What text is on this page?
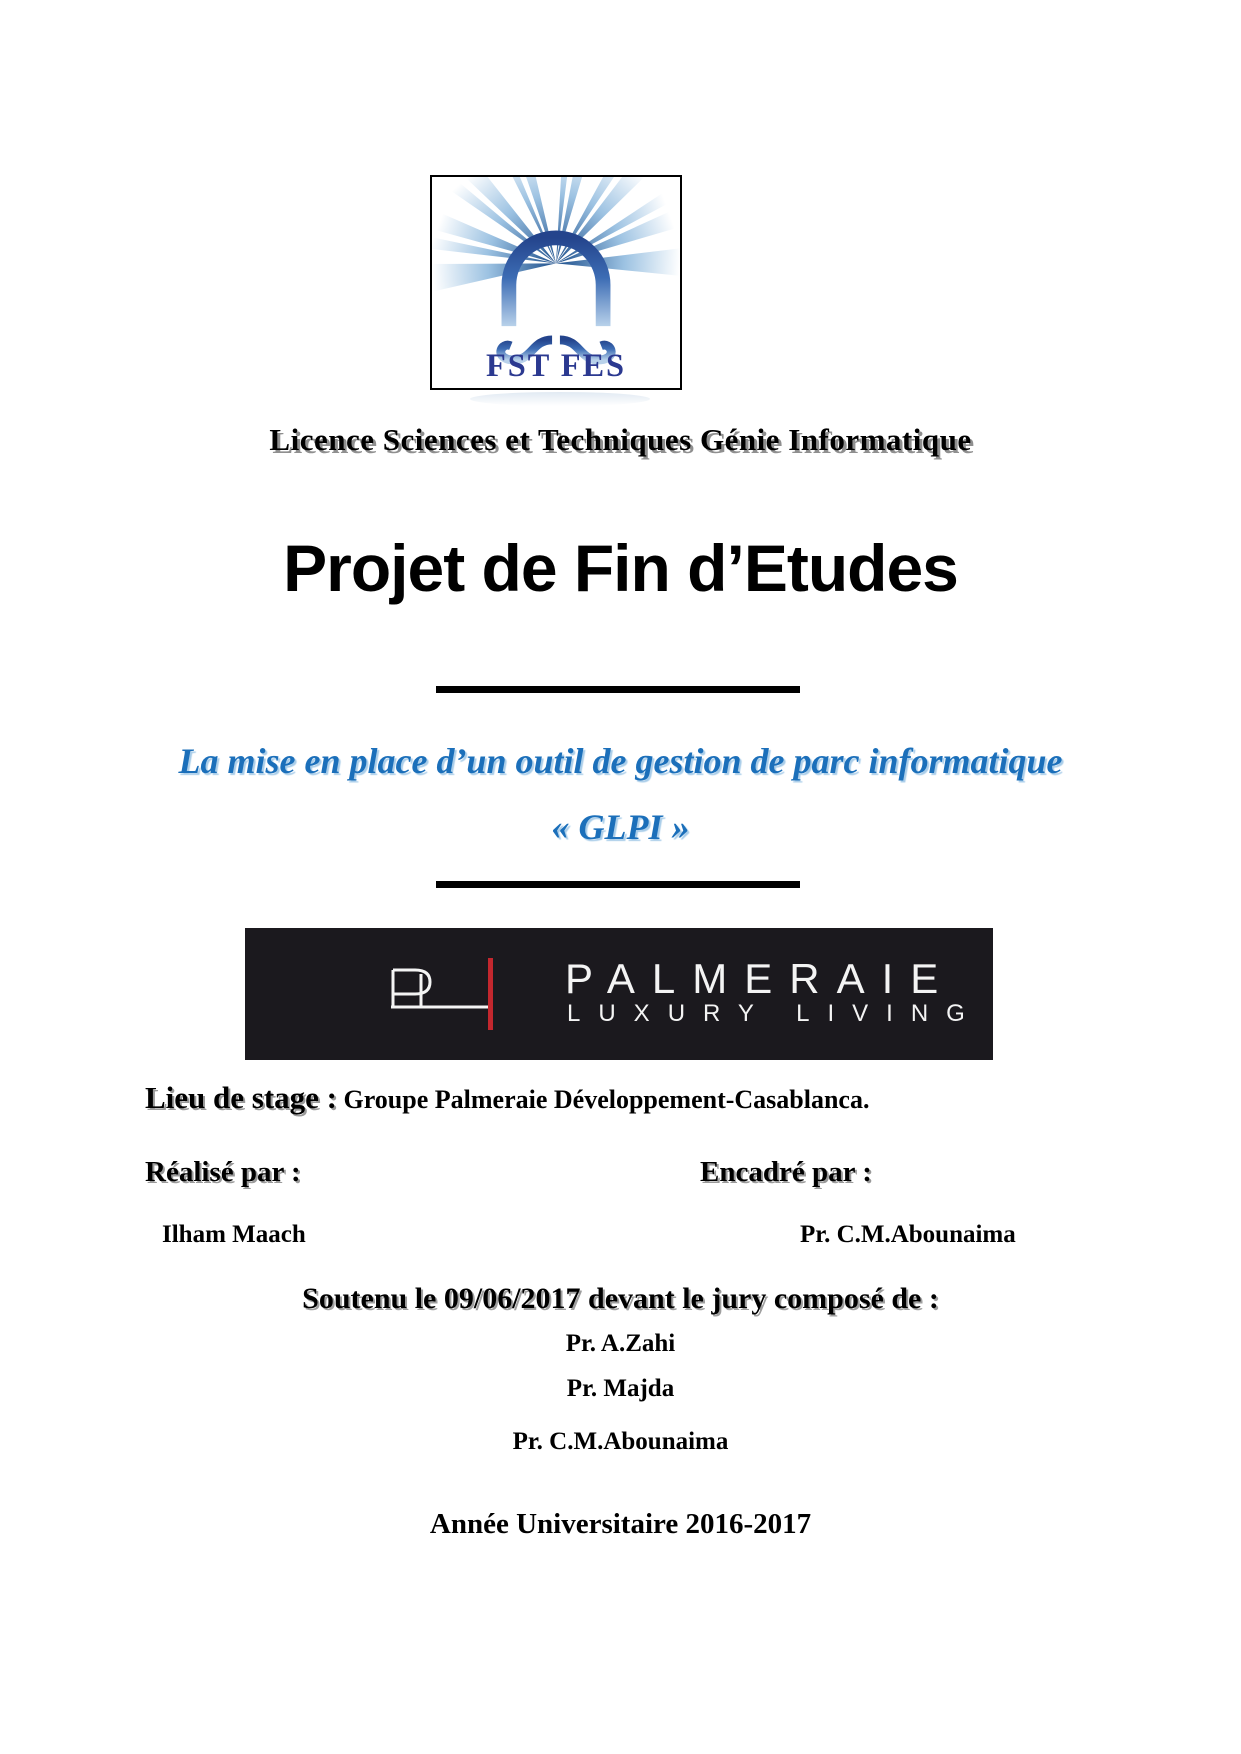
FST FES
Licence Sciences et Techniques Génie Informatique
Projet de Fin d’Etudes
La mise en place d’un outil de gestion de parc informatique
« GLPI »
PALMERAIE
LUXURY LIVING
Lieu de stage : Groupe Palmeraie Développement-Casablanca.
Réalisé par :	Encadré par :
Ilham Maach	Pr. C.M.Abounaima
Soutenu le 09/06/2017 devant le jury composé de :
Pr. A.Zahi
Pr. Majda
Pr. C.M.Abounaima
Année Universitaire 2016-2017
